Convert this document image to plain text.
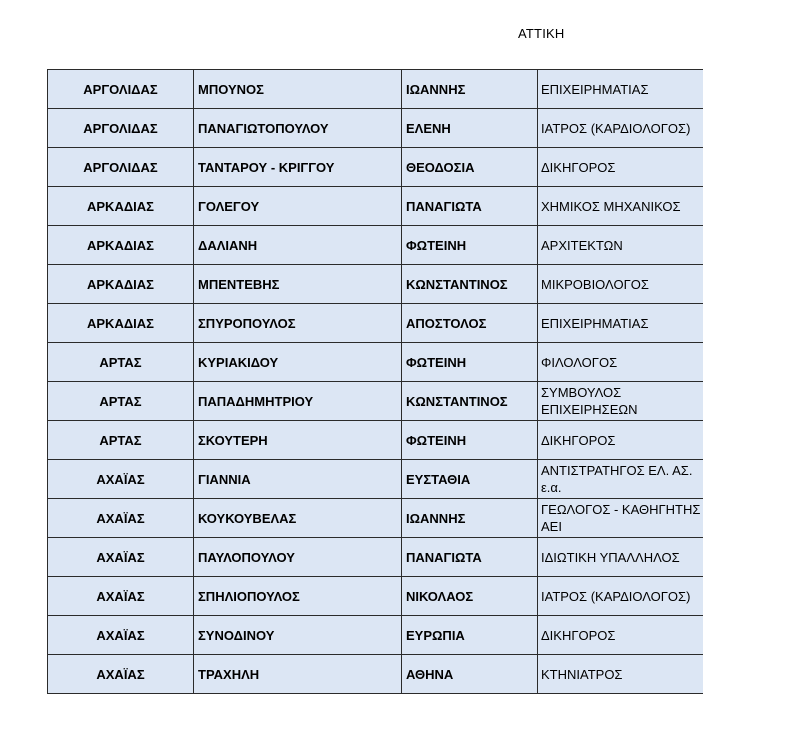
ΑΤΤΙΚΗ
ΑΡΓΟΛΙΔΑΣ	ΜΠΟΥΝΟΣ	ΙΩΑΝΝΗΣ	ΕΠΙΧΕΙΡΗΜΑΤΙΑΣ
ΑΡΓΟΛΙΔΑΣ	ΠΑΝΑΓΙΩΤΟΠΟΥΛΟΥ	ΕΛΕΝΗ	ΙΑΤΡΟΣ (ΚΑΡΔΙΟΛΟΓΟΣ)
ΑΡΓΟΛΙΔΑΣ	ΤΑΝΤΑΡΟΥ - ΚΡΙΓΓΟΥ	ΘΕΟΔΟΣΙΑ	ΔΙΚΗΓΟΡΟΣ
ΑΡΚΑΔΙΑΣ	ΓΟΛΕΓΟΥ	ΠΑΝΑΓΙΩΤΑ	ΧΗΜΙΚΟΣ ΜΗΧΑΝΙΚΟΣ
ΑΡΚΑΔΙΑΣ	ΔΑΛΙΑΝΗ	ΦΩΤΕΙΝΗ	ΑΡΧΙΤΕΚΤΩΝ
ΑΡΚΑΔΙΑΣ	ΜΠΕΝΤΕΒΗΣ	ΚΩΝΣΤΑΝΤΙΝΟΣ	ΜΙΚΡΟΒΙΟΛΟΓΟΣ
ΑΡΚΑΔΙΑΣ	ΣΠΥΡΟΠΟΥΛΟΣ	ΑΠΟΣΤΟΛΟΣ	ΕΠΙΧΕΙΡΗΜΑΤΙΑΣ
ΑΡΤΑΣ	ΚΥΡΙΑΚΙΔΟΥ	ΦΩΤΕΙΝΗ	ΦΙΛΟΛΟΓΟΣ
ΑΡΤΑΣ	ΠΑΠΑΔΗΜΗΤΡΙΟΥ	ΚΩΝΣΤΑΝΤΙΝΟΣ	ΣΥΜΒΟΥΛΟΣ ΕΠΙΧΕΙΡΗΣΕΩΝ
ΑΡΤΑΣ	ΣΚΟΥΤΕΡΗ	ΦΩΤΕΙΝΗ	ΔΙΚΗΓΟΡΟΣ
ΑΧΑΪΑΣ	ΓΙΑΝΝΙΑ	ΕΥΣΤΑΘΙΑ	ΑΝΤΙΣΤΡΑΤΗΓΟΣ ΕΛ. ΑΣ. ε.α.
ΑΧΑΪΑΣ	ΚΟΥΚΟΥΒΕΛΑΣ	ΙΩΑΝΝΗΣ	ΓΕΩΛΟΓΟΣ - ΚΑΘΗΓΗΤΗΣ ΑΕΙ
ΑΧΑΪΑΣ	ΠΑΥΛΟΠΟΥΛΟΥ	ΠΑΝΑΓΙΩΤΑ	ΙΔΙΩΤΙΚΗ ΥΠΑΛΛΗΛΟΣ
ΑΧΑΪΑΣ	ΣΠΗΛΙΟΠΟΥΛΟΣ	ΝΙΚΟΛΑΟΣ	ΙΑΤΡΟΣ (ΚΑΡΔΙΟΛΟΓΟΣ)
ΑΧΑΪΑΣ	ΣΥΝΟΔΙΝΟΥ	ΕΥΡΩΠΙΑ	ΔΙΚΗΓΟΡΟΣ
ΑΧΑΪΑΣ	ΤΡΑΧΗΛΗ	ΑΘΗΝΑ	ΚΤΗΝΙΑΤΡΟΣ
